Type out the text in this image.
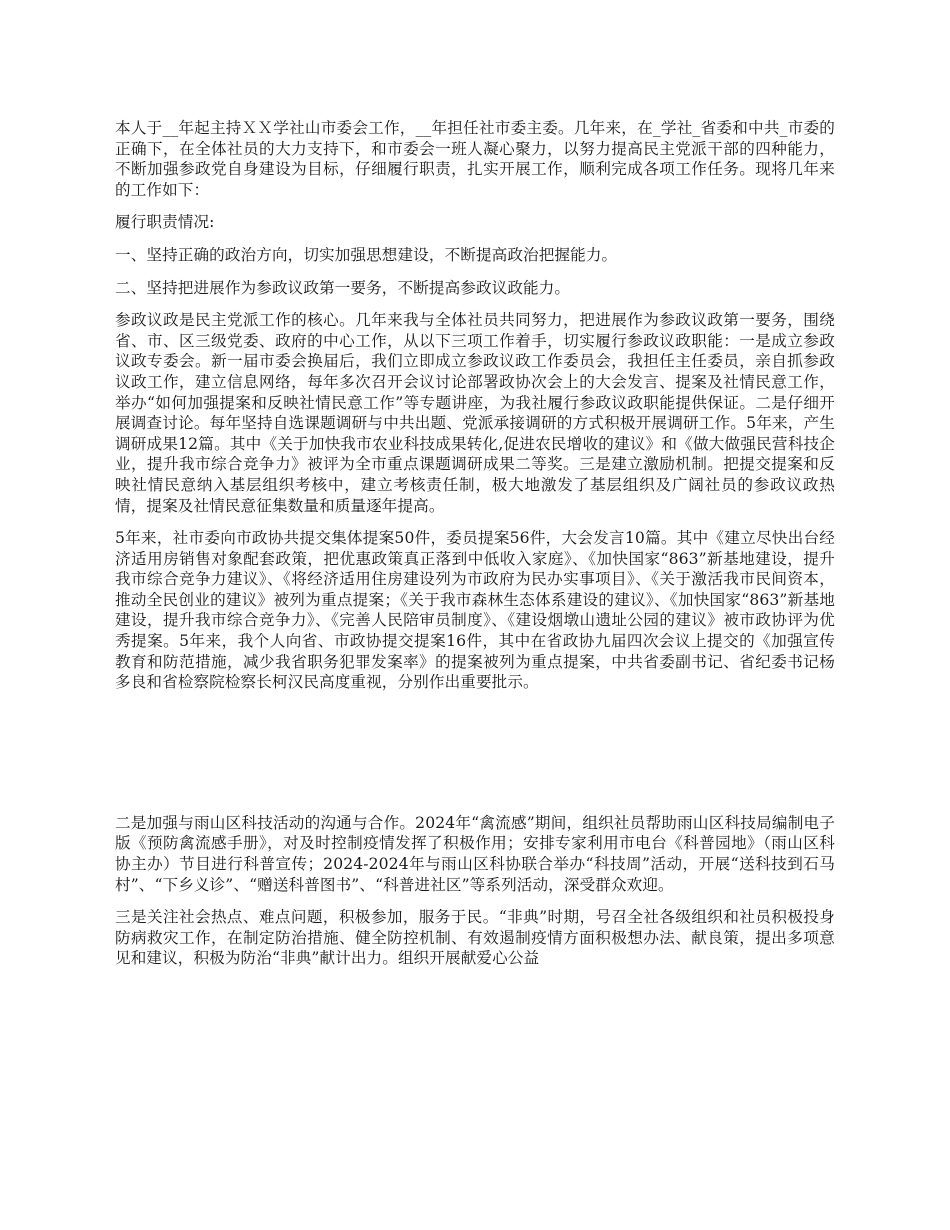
本人于__年起主持ＸＸ学社山市委会工作，__年担任社市委主委。几年来，在_学社_省委和中共_市委的正确下，在全体社员的大力支持下，和市委会一班人凝心聚力，以努力提高民主党派干部的四种能力，不断加强参政党自身建设为目标，仔细履行职责，扎实开展工作，顺利完成各项工作任务。现将几年来的工作如下：

履行职责情况:

一、坚持正确的政治方向，切实加强思想建设，不断提高政治把握能力。

二、坚持把进展作为参政议政第一要务，不断提高参政议政能力。

参政议政是民主党派工作的核心。几年来我与全体社员共同努力，把进展作为参政议政第一要务，围绕省、市、区三级党委、政府的中心工作，从以下三项工作着手，切实履行参政议政职能：一是成立参政议政专委会。新一届市委会换届后，我们立即成立参政议政工作委员会，我担任主任委员，亲自抓参政议政工作，建立信息网络，每年多次召开会议讨论部署政协次会上的大会发言、提案及社情民意工作，举办“如何加强提案和反映社情民意工作”等专题讲座，为我社履行参政议政职能提供保证。二是仔细开展调查讨论。每年坚持自选课题调研与中共出题、党派承接调研的方式积极开展调研工作。5年来，产生调研成果12篇。其中《关于加快我市农业科技成果转化,促进农民增收的建议》和《做大做强民营科技企业，提升我市综合竞争力》被评为全市重点课题调研成果二等奖。三是建立激励机制。把提交提案和反映社情民意纳入基层组织考核中，建立考核责任制，极大地激发了基层组织及广阔社员的参政议政热情，提案及社情民意征集数量和质量逐年提高。

5年来，社市委向市政协共提交集体提案50件，委员提案56件，大会发言10篇。其中《建立尽快出台经济适用房销售对象配套政策，把优惠政策真正落到中低收入家庭》、《加快国家“863”新基地建设，提升我市综合竞争力建议》、《将经济适用住房建设列为市政府为民办实事项目》、《关于激活我市民间资本，推动全民创业的建议》被列为重点提案；《关于我市森林生态体系建设的建议》、《加快国家“863”新基地建设，提升我市综合竞争力》、《完善人民陪审员制度》、《建设烟墩山遗址公园的建议》被市政协评为优秀提案。5年来，我个人向省、市政协提交提案16件，其中在省政协九届四次会议上提交的《加强宣传教育和防范措施，减少我省职务犯罪发案率》的提案被列为重点提案，中共省委副书记、省纪委书记杨多良和省检察院检察长柯汉民高度重视，分别作出重要批示。

二是加强与雨山区科技活动的沟通与合作。2024年“禽流感”期间，组织社员帮助雨山区科技局编制电子版《预防禽流感手册》，对及时控制疫情发挥了积极作用；安排专家利用市电台《科普园地》（雨山区科协主办）节目进行科普宣传；2024-2024年与雨山区科协联合举办“科技周”活动，开展“送科技到石马村”、“下乡义诊”、“赠送科普图书”、“科普进社区”等系列活动，深受群众欢迎。

三是关注社会热点、难点问题，积极参加，服务于民。“非典”时期，号召全社各级组织和社员积极投身防病救灾工作，在制定防治措施、健全防控机制、有效遏制疫情方面积极想办法、献良策，提出多项意见和建议，积极为防治“非典”献计出力。组织开展献爱心公益
